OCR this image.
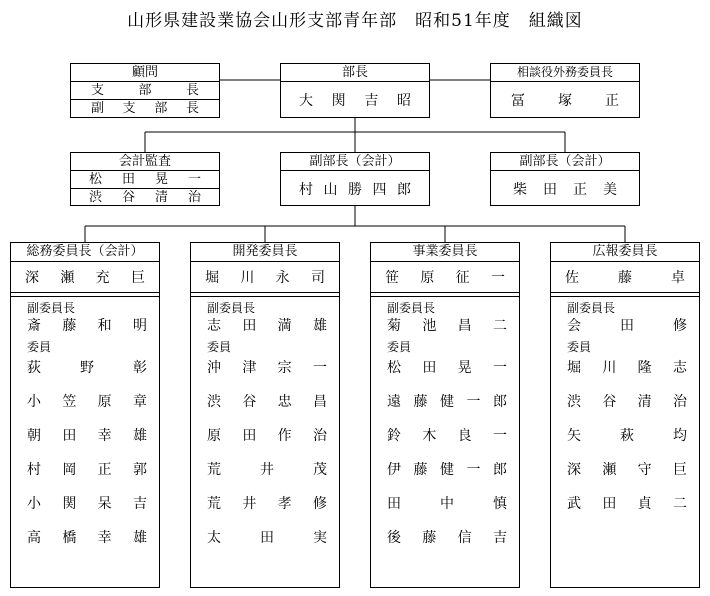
山形県建設業協会山形支部青年部　昭和51年度　組織図
顧問
支	部	長
副 支 部 長
部長
大 関 吉 昭
相談役外務委員長
冨 塚 正
会計監査
松 田 晃 一
渋 谷 清 治
副部長（会計）
村 山 勝 四 郎
副部長（会計）
柴 田 正 美
総務委員長（会計）
深 瀬 充 巨
副委員長
斎 藤 和 明
委員
荻	野	彰
小 笠 原 章
朝 田 幸 雄
村 岡 正 郭
小 関 呆 吉
高 橋 幸 雄
開発委員長
堀 川 永 司
副委員長
志 田 満 雄
委員
沖 津 宗 一
渋 谷 忠 昌
原 田 作 治
荒	井	茂
荒 井 孝 修
太	田	実
事業委員長
笹 原 征 一
副委員長
菊 池 昌 二
委員
松 田 晃 一
遠 藤 健 一 郎
鈴 木 良 一
伊 藤 健 一 郎
田	中	慎
後 藤 信 吉
広報委員長
佐	藤	卓
副委員長
会	田	修
委員
堀 川 隆 志
渋 谷 清 治
矢	萩	均
深 瀬 守 巨
武 田 貞 二
